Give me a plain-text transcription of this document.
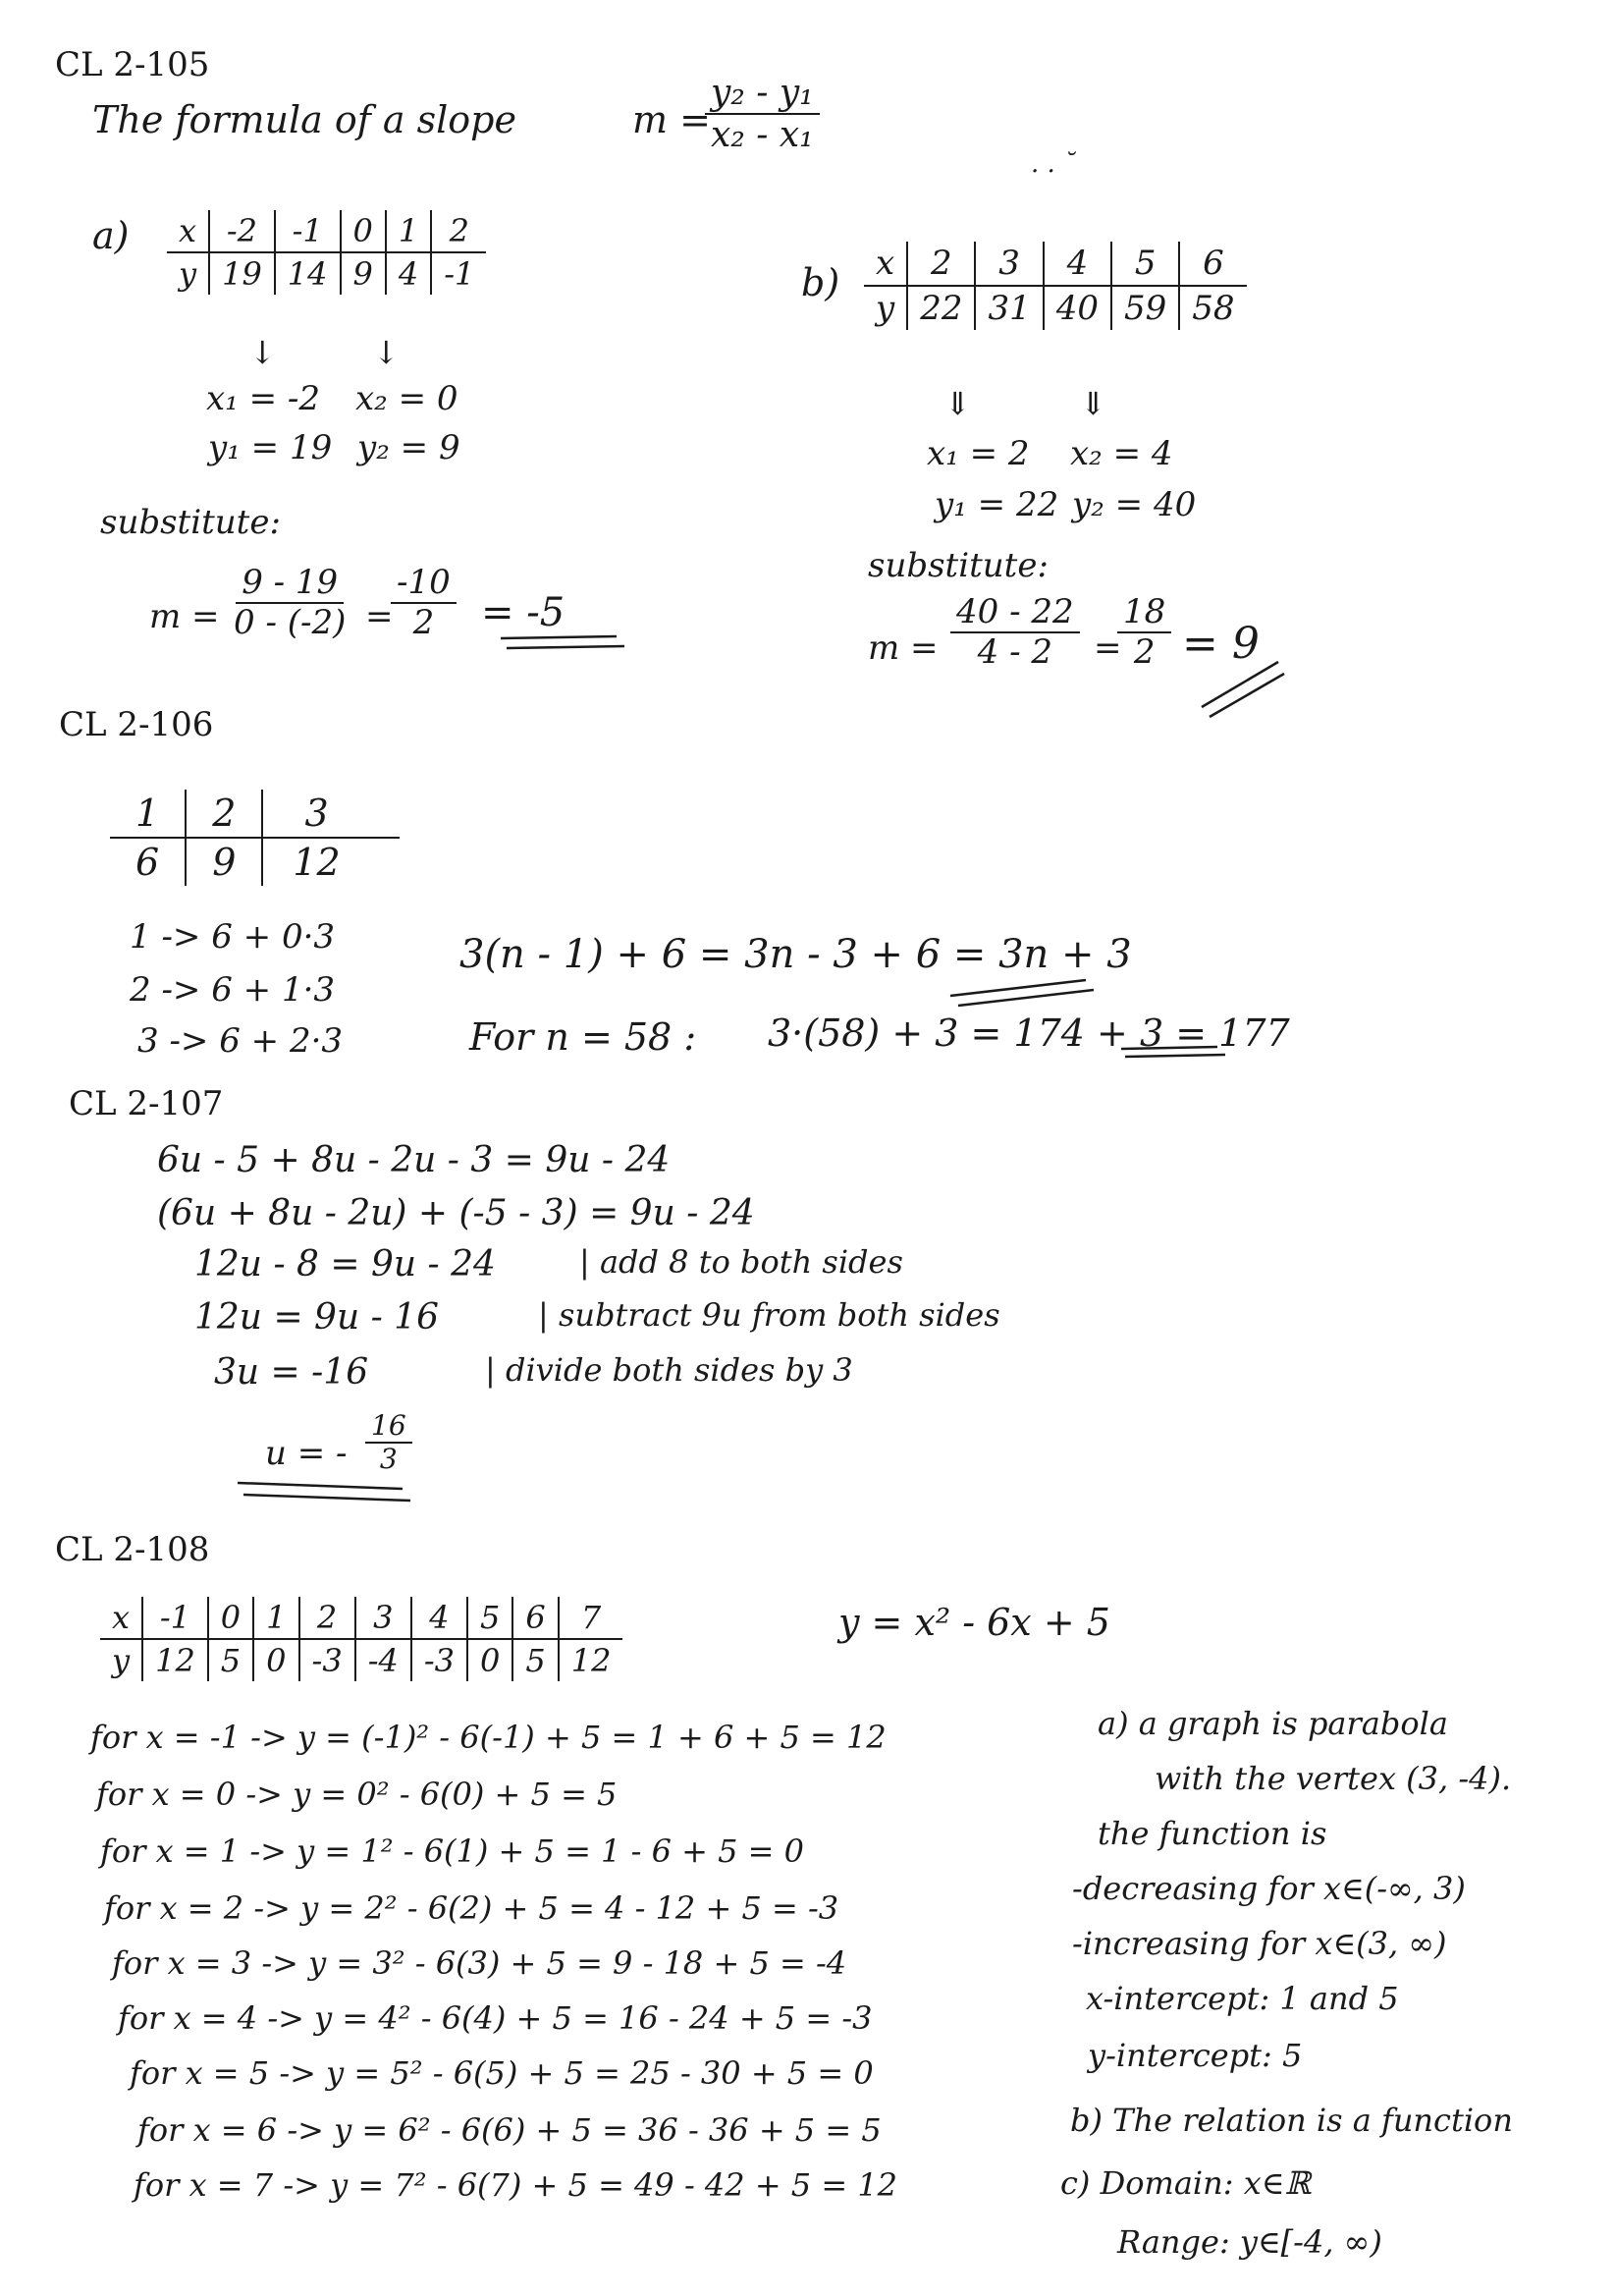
CL 2-105
The formula of a slope	m =
$\frac{\text{y₂ - y₁}}{\text{x₂ - x₁}}$
. . ˘
a) x	-2	-1	0	1	2
y	19	14	9	4	-1
↓	↓
x₁ = -2 x₂ = 0
y₁ = 19 y₂ = 9
substitute:
$m = \frac{9 - 19}{0 - (-2)}$ =
$\frac{-10}{2} = -5$
b) x	2	3	4	5	6
y	22	31	40	59	58
⇓	⇓
x₁ = 2 x₂ = 4
y₁ = 22 y₂ = 40
substitute:
$m = \frac{40 - 22}{4 - 2}$ =
$\frac{18}{2} = 9$
CL 2-106
1	2	3
6	9	12
1 -> 6 + 0·3
2 -> 6 + 1·3
3 -> 6 + 2·3
3(n - 1) + 6 = 3n - 3 + 6 = 3n + 3
For n = 58 : 3·(58) + 3 = 174 + 3 = 177
CL 2-107
6u - 5 + 8u - 2u - 3 = 9u - 24
(6u + 8u - 2u) + (-5 - 3) = 9u - 24
12u - 8 = 9u - 24	| add 8 to both sides
12u = 9u - 16	| subtract 9u from both sides
3u = -16	| divide both sides by 3
u = - $\frac{16}{3}$
CL 2-108
x	-1	0	1	2	3	4	5	6	7
y	12	5	0	-3	-4	-3	0	5	12
y = x² - 6x + 5
for x = -1 -> y = (-1)² - 6(-1) + 5 = 1 + 6 + 5 = 12
for x = 0 -> y = 0² - 6(0) + 5 = 5
for x = 1 -> y = 1² - 6(1) + 5 = 1 - 6 + 5 = 0
for x = 2 -> y = 2² - 6(2) + 5 = 4 - 12 + 5 = -3
for x = 3 -> y = 3² - 6(3) + 5 = 9 - 18 + 5 = -4
for x = 4 -> y = 4² - 6(4) + 5 = 16 - 24 + 5 = -3
for x = 5 -> y = 5² - 6(5) + 5 = 25 - 30 + 5 = 0
for x = 6 -> y = 6² - 6(6) + 5 = 36 - 36 + 5 = 5
for x = 7 -> y = 7² - 6(7) + 5 = 49 - 42 + 5 = 12
a) a graph is parabola
with the vertex (3, -4).
the function is
-decreasing for x∈(-∞, 3)
-increasing for x∈(3, ∞)
x-intercept: 1 and 5
y-intercept: 5
b) The relation is a function
c) Domain: x∈ℝ
Range: y∈[-4, ∞)
